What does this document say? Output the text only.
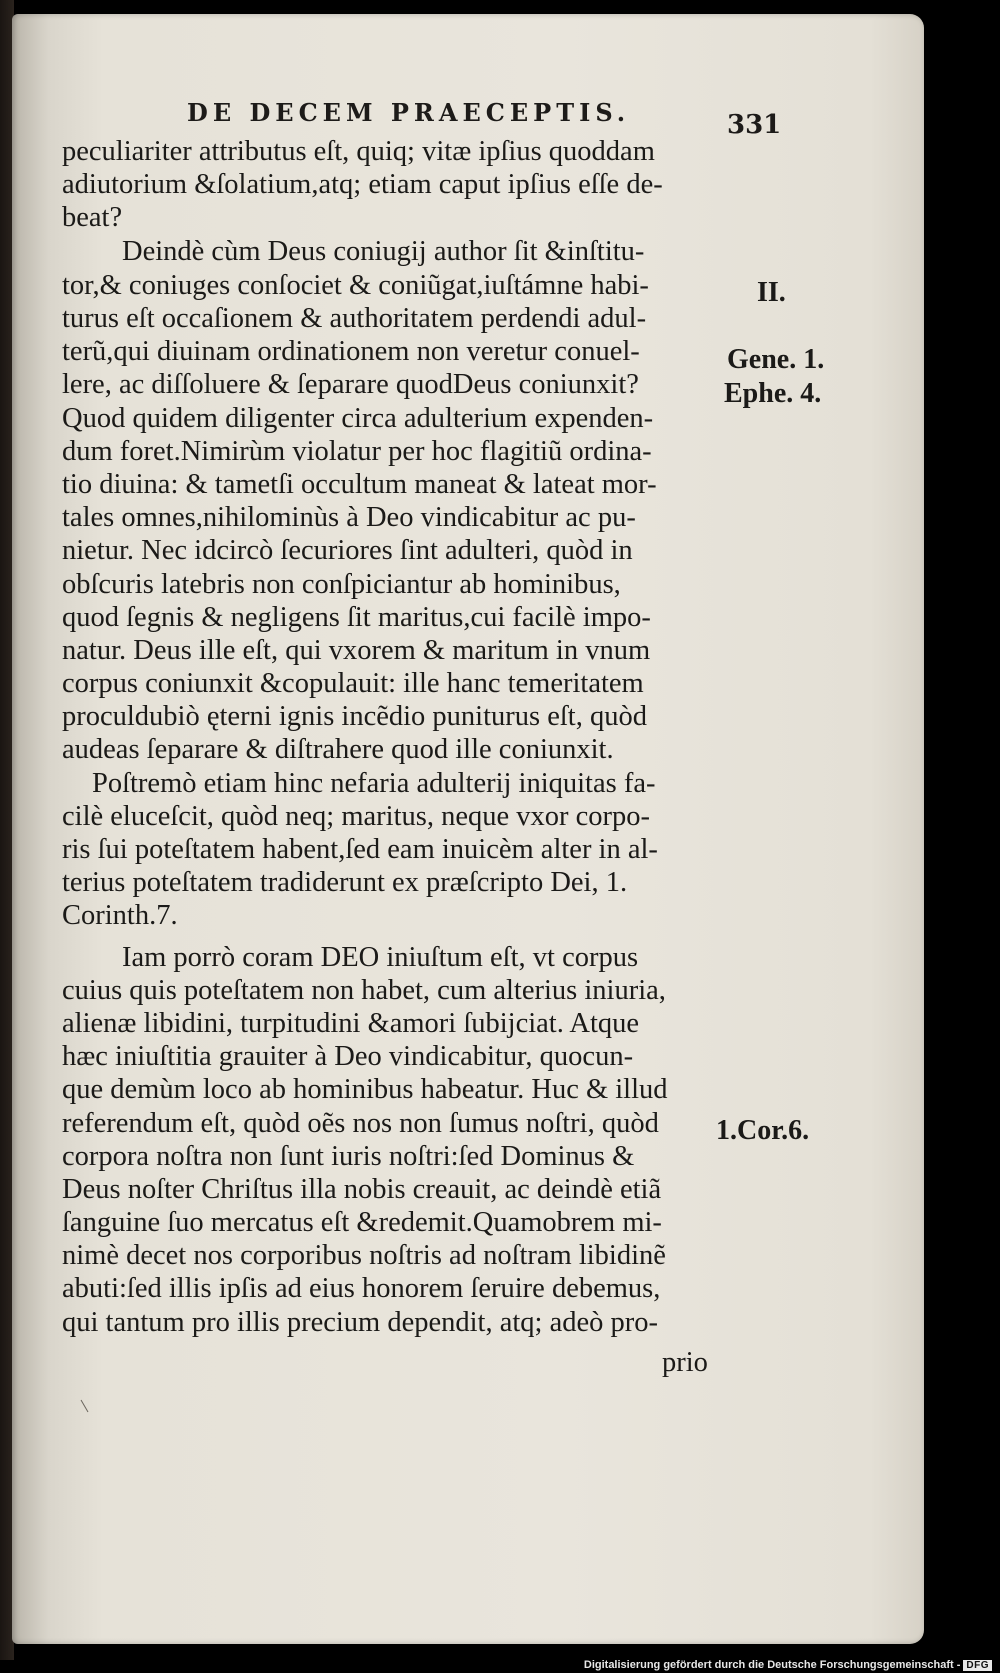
DE DECEM PRAECEPTIS.	331
peculiariter attributus eſt, quiq; vitæ ipſius quoddam
adiutorium &ſolatium,atq; etiam caput ipſius eſſe de-
beat?
Deindè cùm Deus coniugij author ſit &inſtitu-
tor,& coniuges conſociet & coniũgat,iuſtámne habi-
turus eſt occaſionem & authoritatem perdendi adul-
terũ,qui diuinam ordinationem non veretur conuel-
lere, ac diſſoluere & ſeparare quodDeus coniunxit?
Quod quidem diligenter circa adulterium expenden-
dum foret.Nimirùm violatur per hoc flagitiũ ordina-
tio diuina: & tametſi occultum maneat & lateat mor-
tales omnes,nihilominùs à Deo vindicabitur ac pu-
nietur. Nec idcircò ſecuriores ſint adulteri, quòd in
obſcuris latebris non conſpiciantur ab hominibus,
quod ſegnis & negligens ſit maritus,cui facilè impo-
natur. Deus ille eſt, qui vxorem & maritum in vnum
corpus coniunxit &copulauit: ille hanc temeritatem
proculdubiò ęterni ignis incẽdio puniturus eſt, quòd
audeas ſeparare & diſtrahere quod ille coniunxit.
Poſtremò etiam hinc nefaria adulterij iniquitas fa-
cilè eluceſcit, quòd neq; maritus, neque vxor corpo-
ris ſui poteſtatem habent,ſed eam inuicèm alter in al-
terius poteſtatem tradiderunt ex præſcripto Dei, 1.
Corinth.7.
Iam porrò coram DEO iniuſtum eſt, vt corpus
cuius quis poteſtatem non habet, cum alterius iniuria,
alienæ libidini, turpitudini &amori ſubijciat. Atque
hæc iniuſtitia grauiter à Deo vindicabitur, quocun-
que demùm loco ab hominibus habeatur. Huc & illud
referendum eſt, quòd oẽs nos non ſumus noſtri, quòd
corpora noſtra non ſunt iuris noſtri:ſed Dominus &
Deus noſter Chriſtus illa nobis creauit, ac deindè etiã
ſanguine ſuo mercatus eſt &redemit.Quamobrem mi-
nimè decet nos corporibus noſtris ad noſtram libidinẽ
abuti:ſed illis ipſis ad eius honorem ſeruire debemus,
qui tantum pro illis precium dependit, atq; adeò pro-
prio
II.
Gene. 1.
Ephe. 4.
1.Cor.6.
Digitalisierung gefördert durch die Deutsche Forschungsgemeinschaft - DFG
